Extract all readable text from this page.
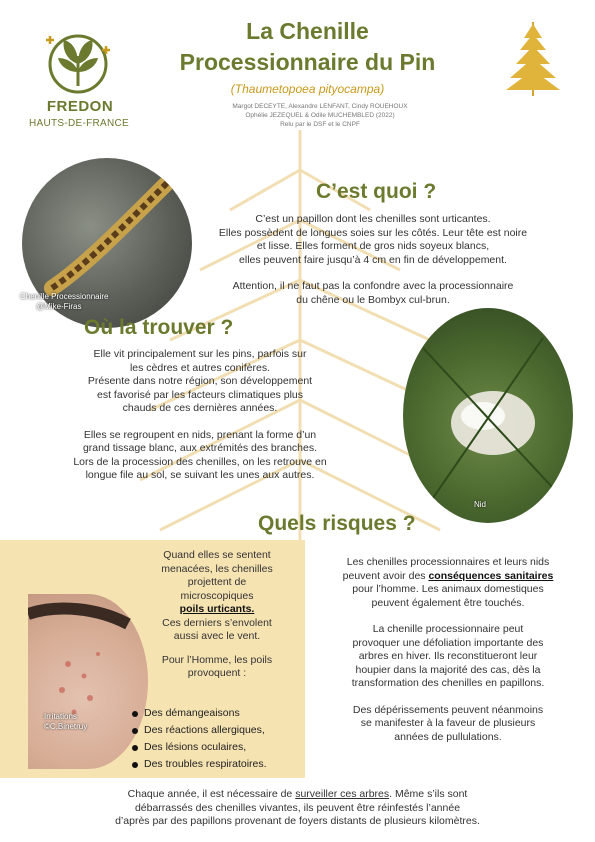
FREDON
HAUTS-DE-FRANCE
La Chenille
Processionnaire du Pin
(Thaumetopoea pityocampa)
Margot DECEYTE, Alexandre LENFANT, Cindy ROUEHOUX
Ophélie JEZEQUEL & Odile MUCHEMBLED (2022)
Relu par le DSF et le CNPF
Chenille Processionnaire
@Mike-Firas
C’est quoi ?
C’est un papillon dont les chenilles sont urticantes.
Elles possèdent de longues soies sur les côtés. Leur tête est noire
et lisse. Elles forment de gros nids soyeux blancs,
elles peuvent faire jusqu’à 4 cm en fin de développement.
Attention, il ne faut pas la confondre avec la processionnaire
du chêne ou le Bombyx cul-brun.
Où la trouver ?
Elle vit principalement sur les pins, parfois sur
les cèdres et autres conifères.
Présente dans notre région, son développement
est favorisé par les facteurs climatiques plus
chauds de ces dernières années.
Elles se regroupent en nids, prenant la forme d’un
grand tissage blanc, aux extrémités des branches.
Lors de la procession des chenilles, on les retrouve en
longue file au sol, se suivant les unes aux autres.
Nid
Quels risques ?
Irritations
©C.Binetruy
Quand elles se sentent
menacées, les chenilles
projettent de
microscopiques
poils urticants.
Ces derniers s’envolent
aussi avec le vent.
Pour l’Homme, les poils
provoquent :
Des démangeaisons
Des réactions allergiques,
Des lésions oculaires,
Des troubles respiratoires.
Les chenilles processionnaires et leurs nids
peuvent avoir des conséquences sanitaires
pour l’homme. Les animaux domestiques
peuvent également être touchés.
La chenille processionnaire peut
provoquer une défoliation importante des
arbres en hiver. Ils reconstitueront leur
houpier dans la majorité des cas, dès la
transformation des chenilles en papillons.
Des dépérissements peuvent néanmoins
se manifester à la faveur de plusieurs
années de pullulations.
Chaque année, il est nécessaire de surveiller ces arbres. Même s’ils sont
débarrassés des chenilles vivantes, ils peuvent être réinfestés l’année
d’après par des papillons provenant de foyers distants de plusieurs kilomètres.
